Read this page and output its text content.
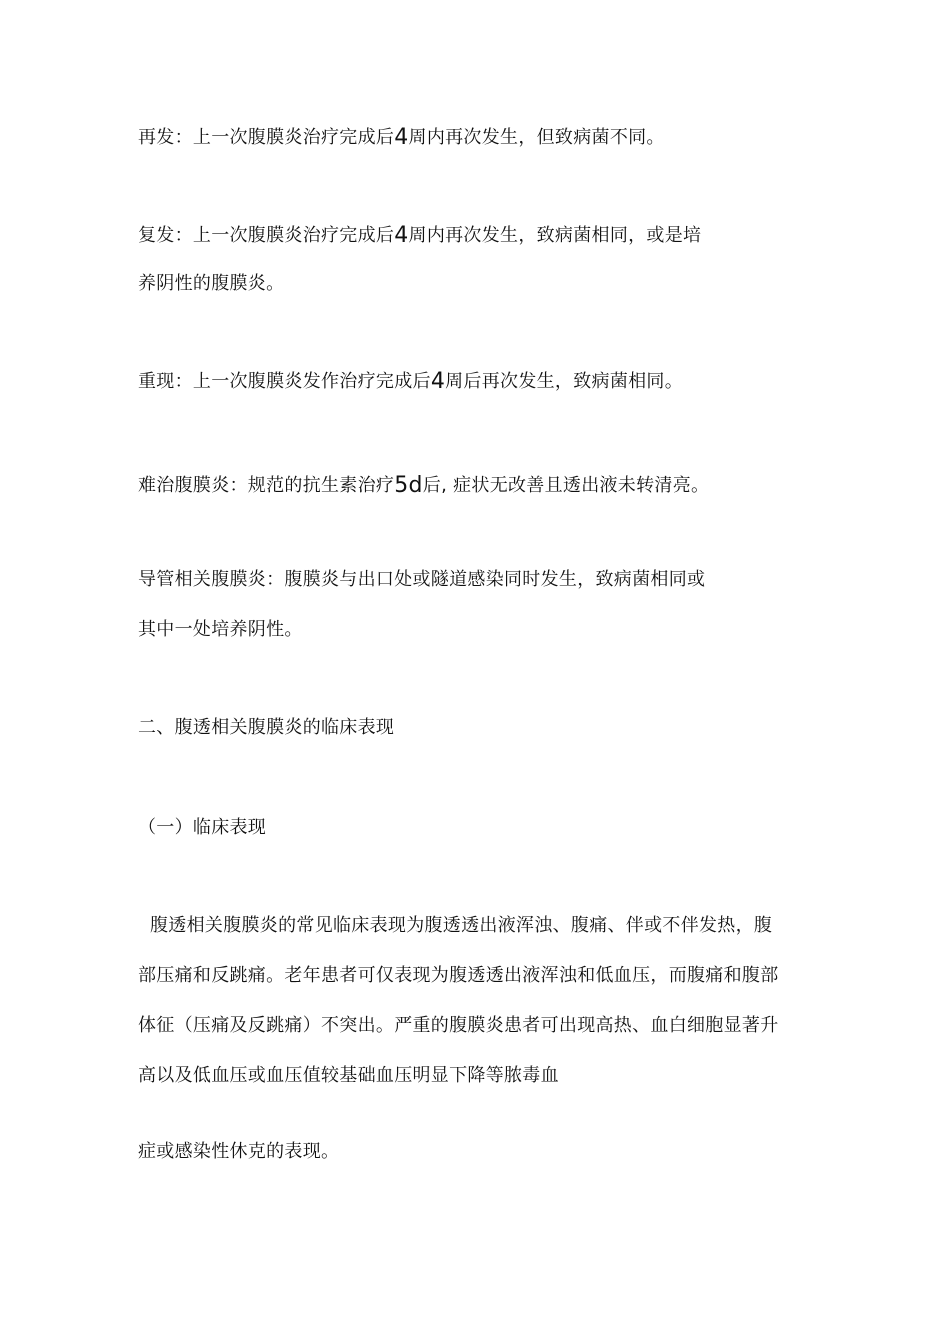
再发：上一次腹膜炎治疗完成后4周内再次发生，但致病菌不同。
复发：上一次腹膜炎治疗完成后4周内再次发生，致病菌相同，或是培
养阴性的腹膜炎。
重现：上一次腹膜炎发作治疗完成后4周后再次发生，致病菌相同。
难治腹膜炎：规范的抗生素治疗5d后, 症状无改善且透出液未转清亮。
导管相关腹膜炎：腹膜炎与出口处或隧道感染同时发生，致病菌相同或
其中一处培养阴性。
二、腹透相关腹膜炎的临床表现
（一）临床表现
腹透相关腹膜炎的常见临床表现为腹透透出液浑浊、腹痛、伴或不伴发热，腹
部压痛和反跳痛。老年患者可仅表现为腹透透出液浑浊和低血压，而腹痛和腹部
体征（压痛及反跳痛）不突出。严重的腹膜炎患者可出现高热、血白细胞显著升
高以及低血压或血压值较基础血压明显下降等脓毒血
症或感染性休克的表现。
